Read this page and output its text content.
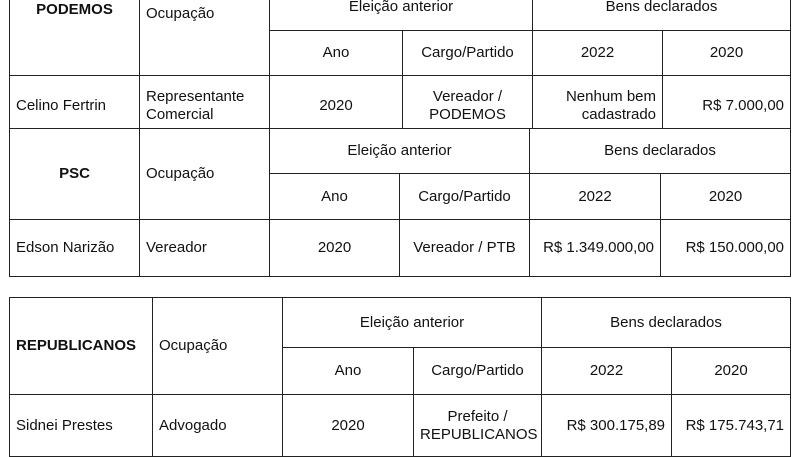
PODEMOS	Ocupação	Eleição anterior		Bens declarados	
		Ano	Cargo/Partido	2022	2020
Celino Fertrin	Representante Comercial	2020	Vereador / PODEMOS	Nenhum bem cadastrado	R$ 7.000,00
PSC	Ocupação	Eleição anterior		Bens declarados	
		Ano	Cargo/Partido	2022	2020
Edson Narizão	Vereador	2020	Vereador / PTB	R$ 1.349.000,00	R$ 150.000,00
REPUBLICANOS	Ocupação	Eleição anterior		Bens declarados	
		Ano	Cargo/Partido	2022	2020
Sidnei Prestes	Advogado	2020	Prefeito / REPUBLICANOS	R$ 300.175,89	R$ 175.743,71
